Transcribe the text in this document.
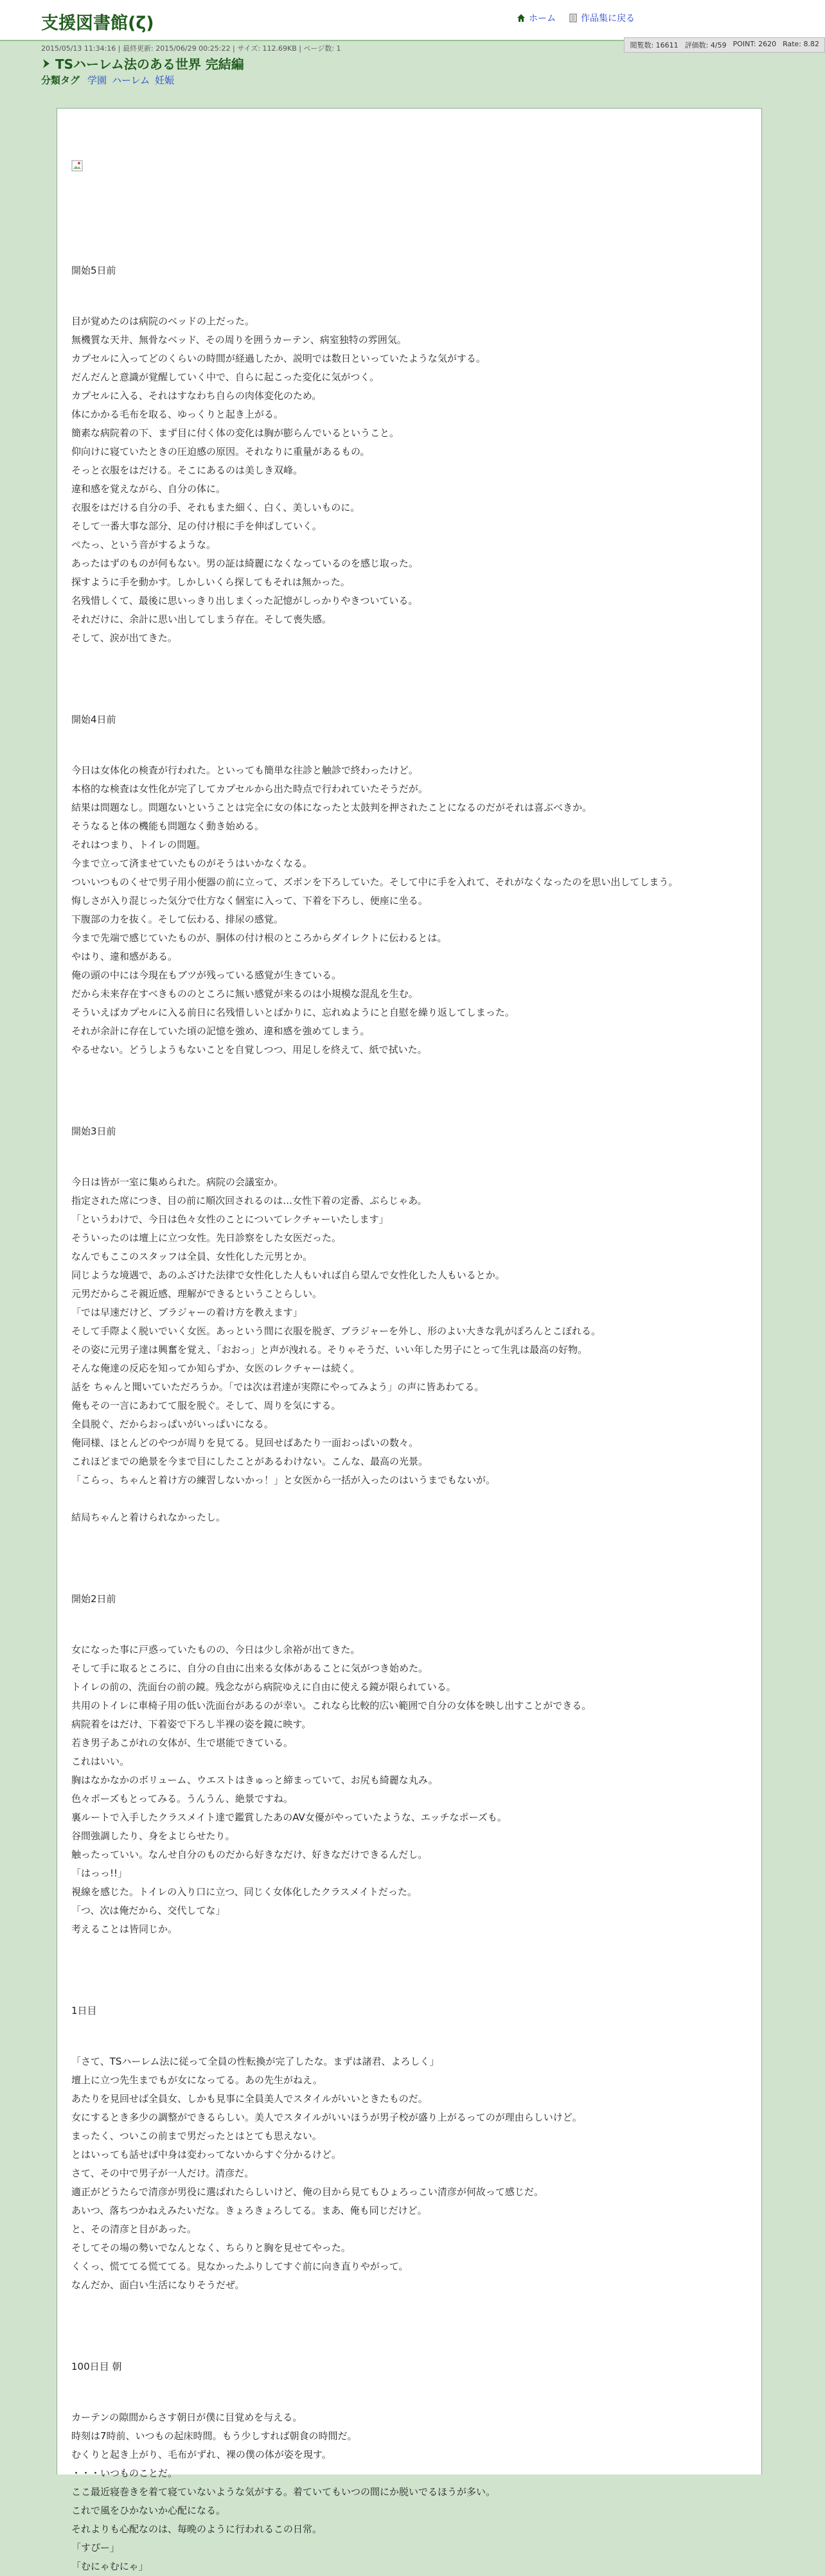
支援図書館(ζ)	ホーム	作品集に戻る
閲覧数: 16611 評価数: 4/59 POINT: 2620 Rate: 8.82
2015/05/13 11:34:16 | 最終更新: 2015/06/29 00:25:22 | サイズ: 112.69KB | ページ数: 1
TSハーレム法のある世界 完結編
分類タグ 学園 ハーレム 妊娠

開始5日前

目が覚めたのは病院のベッドの上だった。

無機質な天井、無骨なベッド、その周りを囲うカーテン、病室独特の雰囲気。

カプセルに入ってどのくらいの時間が経過したか、説明では数日といっていたような気がする。

だんだんと意識が覚醒していく中で、自らに起こった変化に気がつく。

カプセルに入る、それはすなわち自らの肉体変化のため。

体にかかる毛布を取る、ゆっくりと起き上がる。

簡素な病院着の下、まず目に付く体の変化は胸が膨らんでいるということ。

仰向けに寝ていたときの圧迫感の原因。それなりに重量があるもの。

そっと衣服をはだける。そこにあるのは美しき双峰。

違和感を覚えながら、自分の体に。

衣服をはだける自分の手、それもまた細く、白く、美しいものに。

そして一番大事な部分、足の付け根に手を伸ばしていく。

ぺたっ、という音がするような。

あったはずのものが何もない。男の証は綺麗になくなっているのを感じ取った。

探すように手を動かす。しかしいくら探してもそれは無かった。

名残惜しくて、最後に思いっきり出しまくった記憶がしっかりやきついている。

それだけに、余計に思い出してしまう存在。そして喪失感。

そして、涙が出てきた。

開始4日前

今日は女体化の検査が行われた。といっても簡単な往診と触診で終わったけど。

本格的な検査は女性化が完了してカプセルから出た時点で行われていたそうだが。

結果は問題なし。問題ないということは完全に女の体になったと太鼓判を押されたことになるのだがそれは喜ぶべきか。

そうなると体の機能も問題なく動き始める。

それはつまり、トイレの問題。

今まで立って済ませていたものがそうはいかなくなる。

ついいつものくせで男子用小便器の前に立って、ズボンを下ろしていた。そして中に手を入れて、それがなくなったのを思い出してしまう。

悔しさが入り混じった気分で仕方なく個室に入って、下着を下ろし、便座に坐る。

下腹部の力を抜く。そして伝わる、排尿の感覚。

今まで先端で感じていたものが、胴体の付け根のところからダイレクトに伝わるとは。

やはり、違和感がある。

俺の頭の中には今現在もブツが残っている感覚が生きている。

だから未来存在すべきもののところに無い感覚が来るのは小規模な混乱を生む。

そういえばカプセルに入る前日に名残惜しいとばかりに、忘れぬようにと自慰を繰り返してしまった。

それが余計に存在していた頃の記憶を強め、違和感を強めてしまう。

やるせない。どうしようもないことを自覚しつつ、用足しを終えて、紙で拭いた。

開始3日前

今日は皆が一室に集められた。病院の会議室か。

指定された席につき、目の前に順次回されるのは…女性下着の定番、ぶらじゃあ。

「というわけで、今日は色々女性のことについてレクチャーいたします」

そういったのは壇上に立つ女性。先日診察をした女医だった。

なんでもここのスタッフは全員、女性化した元男とか。

同じような境遇で、あのふざけた法律で女性化した人もいれば自ら望んで女性化した人もいるとか。

元男だからこそ親近感、理解ができるということらしい。

「では早速だけど、ブラジャーの着け方を教えます」

そして手際よく脱いでいく女医。あっという間に衣服を脱ぎ、ブラジャーを外し、形のよい大きな乳がぽろんとこぼれる。

その姿に元男子達は興奮を覚え、「おおっ」と声が洩れる。そりゃそうだ、いい年した男子にとって生乳は最高の好物。

そんな俺達の反応を知ってか知らずか、女医のレクチャーは続く。

話を ちゃんと聞いていただろうか。「では次は君達が実際にやってみよう」の声に皆あわてる。

俺もその一言にあわてて服を脱ぐ。そして、周りを気にする。

全員脱ぐ、だからおっぱいがいっぱいになる。

俺同様、ほとんどのやつが周りを見てる。見回せばあたり一面おっぱいの数々。

これほどまでの絶景を今まで目にしたことがあるわけない。こんな、最高の光景。

「こらっ、ちゃんと着け方の練習しないかっ！」と女医から一括が入ったのはいうまでもないが。

結局ちゃんと着けられなかったし。

開始2日前

女になった事に戸惑っていたものの、今日は少し余裕が出てきた。

そして手に取るところに、自分の自由に出来る女体があることに気がつき始めた。

トイレの前の、洗面台の前の鏡。残念ながら病院ゆえに自由に使える鏡が限られている。

共用のトイレに車椅子用の低い洗面台があるのが幸い。これなら比較的広い範囲で自分の女体を映し出すことができる。

病院着をはだけ、下着姿で下ろし半裸の姿を鏡に映す。

若き男子あこがれの女体が、生で堪能できている。

これはいい。

胸はなかなかのボリューム、ウエストはきゅっと締まっていて、お尻も綺麗な丸み。

色々ポーズもとってみる。うんうん、絶景ですね。

裏ルートで入手したクラスメイト達で鑑賞したあのAV女優がやっていたような、エッチなポーズも。

谷間強調したり、身をよじらせたり。

触ったっていい。なんせ自分のものだから好きなだけ、好きなだけできるんだし。

「はっっ!!」

視線を感じた。トイレの入り口に立つ、同じく女体化したクラスメイトだった。

「つ、次は俺だから、交代してな」

考えることは皆同じか。

1日目

「さて、TSハーレム法に従って全員の性転換が完了したな。まずは諸君、よろしく」

壇上に立つ先生までもが女になってる。あの先生がねえ。

あたりを見回せば全員女、しかも見事に全員美人でスタイルがいいときたものだ。

女にするとき多少の調整ができるらしい。美人でスタイルがいいほうが男子校が盛り上がるってのが理由らしいけど。

まったく、ついこの前まで男だったとはとても思えない。

とはいっても話せば中身は変わってないからすぐ分かるけど。

さて、その中で男子が一人だけ。清彦だ。

適正がどうたらで清彦が男役に選ばれたらしいけど、俺の目から見てもひょろっこい清彦が何故って感じだ。

あいつ、落ちつかねえみたいだな。きょろきょろしてる。まあ、俺も同じだけど。

と、その清彦と目があった。

そしてその場の勢いでなんとなく、ちらりと胸を見せてやった。

くくっ、慌ててる慌ててる。見なかったふりしてすぐ前に向き直りやがって。

なんだか、面白い生活になりそうだぜ。

100日目 朝

カーテンの隙間からさす朝日が僕に目覚めを与える。

時刻は7時前、いつもの起床時間。もう少しすれば朝食の時間だ。

むくりと起き上がり、毛布がずれ、裸の僕の体が姿を現す。

・・・いつものことだ。

ここ最近寝巻きを着て寝ていないような気がする。着ていてもいつの間にか脱いでるほうが多い。

これで風をひかないか心配になる。

それよりも心配なのは、毎晩のように行われるこの日常。

「すぴー」

「むにゃむにゃ」
